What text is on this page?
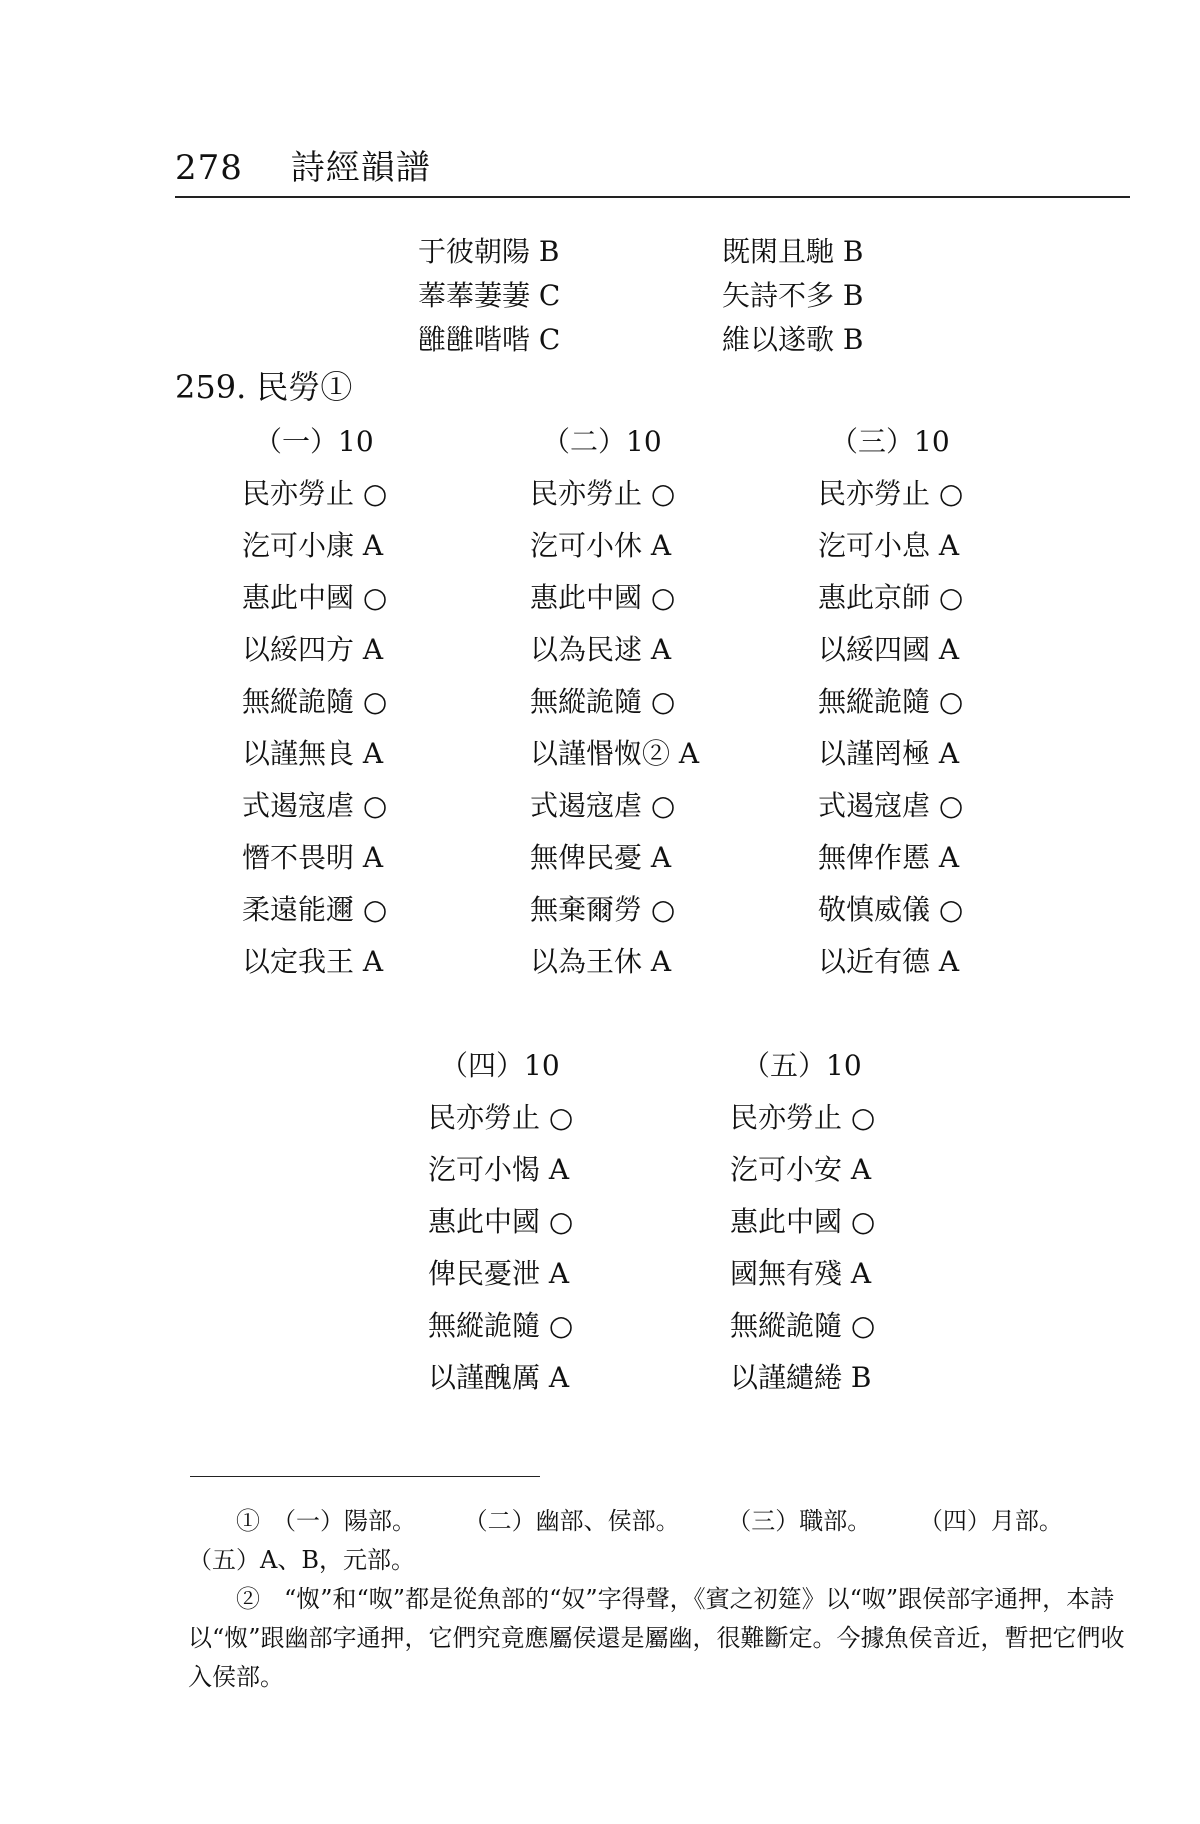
278 詩經韻譜
于彼朝陽 B
菶菶萋萋 C
雝雝喈喈 C
既閑且馳 B
矢詩不多 B
維以遂歌 B
259. 民勞①
（一）10
民亦勞止 ○
汔可小康 A
惠此中國 ○
以綏四方 A
無縱詭隨 ○
以謹無良 A
式遏寇虐 ○
憯不畏明 A
柔遠能邇 ○
以定我王 A
（二）10
民亦勞止 ○
汔可小休 A
惠此中國 ○
以為民逑 A
無縱詭隨 ○
以謹惽怓② A
式遏寇虐 ○
無俾民憂 A
無棄爾勞 ○
以為王休 A
（三）10
民亦勞止 ○
汔可小息 A
惠此京師 ○
以綏四國 A
無縱詭隨 ○
以謹罔極 A
式遏寇虐 ○
無俾作慝 A
敬慎威儀 ○
以近有德 A
（四）10
民亦勞止 ○
汔可小愒 A
惠此中國 ○
俾民憂泄 A
無縱詭隨 ○
以謹醜厲 A
（五）10
民亦勞止 ○
汔可小安 A
惠此中國 ○
國無有殘 A
無縱詭隨 ○
以謹繾綣 B

①　（一）陽部。 （二）幽部、侯部。 （三）職部。 （四）月部。

（五）A、B，元部。

②　“怓”和“呶”都是從魚部的“奴”字得聲，《賓之初筵》以“呶”跟侯部字通押，本詩以“怓”跟幽部字通押，它們究竟應屬侯還是屬幽，很難斷定。今據魚侯音近，暫把它們收入侯部。
